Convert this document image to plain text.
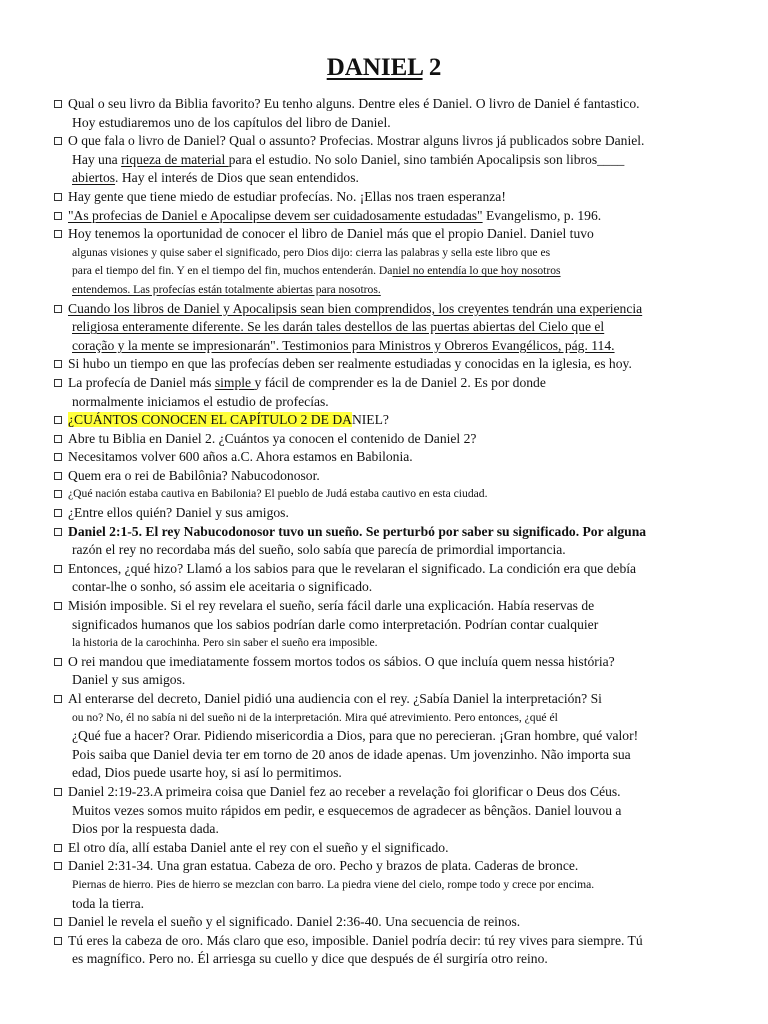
DANIEL 2
Qual o seu livro da Biblia favorito? Eu tenho alguns. Dentre eles é Daniel. O livro de Daniel é fantastico.
Hoy estudiaremos uno de los capítulos del libro de Daniel.
O que fala o livro de Daniel? Qual o assunto? Profecias. Mostrar alguns livros já publicados sobre Daniel.
Hay una riqueza de material para el estudio. No solo Daniel, sino también Apocalipsis son libros____
abiertos. Hay el interés de Dios que sean entendidos.
Hay gente que tiene miedo de estudiar profecías. No. ¡Ellas nos traen esperanza!
"As profecias de Daniel e Apocalipse devem ser cuidadosamente estudadas" Evangelismo, p. 196.
Hoy tenemos la oportunidad de conocer el libro de Daniel más que el propio Daniel. Daniel tuvo
algunas visiones y quise saber el significado, pero Dios dijo: cierra las palabras y sella este libro que es
para el tiempo del fin. Y en el tiempo del fin, muchos entenderán. Daniel no entendía lo que hoy nosotros
entendemos. Las profecías están totalmente abiertas para nosotros.
Cuando los libros de Daniel y Apocalipsis sean bien comprendidos, los creyentes tendrán una experiencia
religiosa enteramente diferente. Se les darán tales destellos de las puertas abiertas del Cielo que el
coração y la mente se impresionarán". Testimonios para Ministros y Obreros Evangélicos, pág. 114.
Si hubo un tiempo en que las profecías deben ser realmente estudiadas y conocidas en la iglesia, es hoy.
La profecía de Daniel más simple y fácil de comprender es la de Daniel 2. Es por donde
normalmente iniciamos el estudio de profecías.
¿CUÁNTOS CONOCEN EL CAPÍTULO 2 DE DANIEL?
Abre tu Biblia en Daniel 2. ¿Cuántos ya conocen el contenido de Daniel 2?
Necesitamos volver 600 años a.C. Ahora estamos en Babilonia.
Quem era o rei de Babilônia? Nabucodonosor.
¿Qué nación estaba cautiva en Babilonia? El pueblo de Judá estaba cautivo en esta ciudad.
¿Entre ellos quién? Daniel y sus amigos.
Daniel 2:1-5. El rey Nabucodonosor tuvo un sueño. Se perturbó por saber su significado. Por alguna
razón el rey no recordaba más del sueño, solo sabía que parecía de primordial importancia.
Entonces, ¿qué hizo? Llamó a los sabios para que le revelaran el significado. La condición era que debía
contar-lhe o sonho, só assim ele aceitaria o significado.
Misión imposible. Si el rey revelara el sueño, sería fácil darle una explicación. Había reservas de
significados humanos que los sabios podrían darle como interpretación. Podrían contar cualquier
la historia de la carochinha. Pero sin saber el sueño era imposible.
O rei mandou que imediatamente fossem mortos todos os sábios. O que incluía quem nessa história?
Daniel y sus amigos.
Al enterarse del decreto, Daniel pidió una audiencia con el rey. ¿Sabía Daniel la interpretación? Si
ou no? No, él no sabía ni del sueño ni de la interpretación. Mira qué atrevimiento. Pero entonces, ¿qué él
¿Qué fue a hacer? Orar. Pidiendo misericordia a Dios, para que no perecieran. ¡Gran hombre, qué valor!
Pois saiba que Daniel devia ter em torno de 20 anos de idade apenas. Um jovenzinho. Não importa sua
edad, Dios puede usarte hoy, si así lo permitimos.
Daniel 2:19-23.A primeira coisa que Daniel fez ao receber a revelação foi glorificar o Deus dos Céus.
Muitos vezes somos muito rápidos em pedir, e esquecemos de agradecer as bênçãos. Daniel louvou a
Dios por la respuesta dada.
El otro día, allí estaba Daniel ante el rey con el sueño y el significado.
Daniel 2:31-34. Una gran estatua. Cabeza de oro. Pecho y brazos de plata. Caderas de bronce.
Piernas de hierro. Pies de hierro se mezclan con barro. La piedra viene del cielo, rompe todo y crece por encima.
toda la tierra.
Daniel le revela el sueño y el significado. Daniel 2:36-40. Una secuencia de reinos.
Tú eres la cabeza de oro. Más claro que eso, imposible. Daniel podría decir: tú rey vives para siempre. Tú
es magnífico. Pero no. Él arriesga su cuello y dice que después de él surgiría otro reino.
